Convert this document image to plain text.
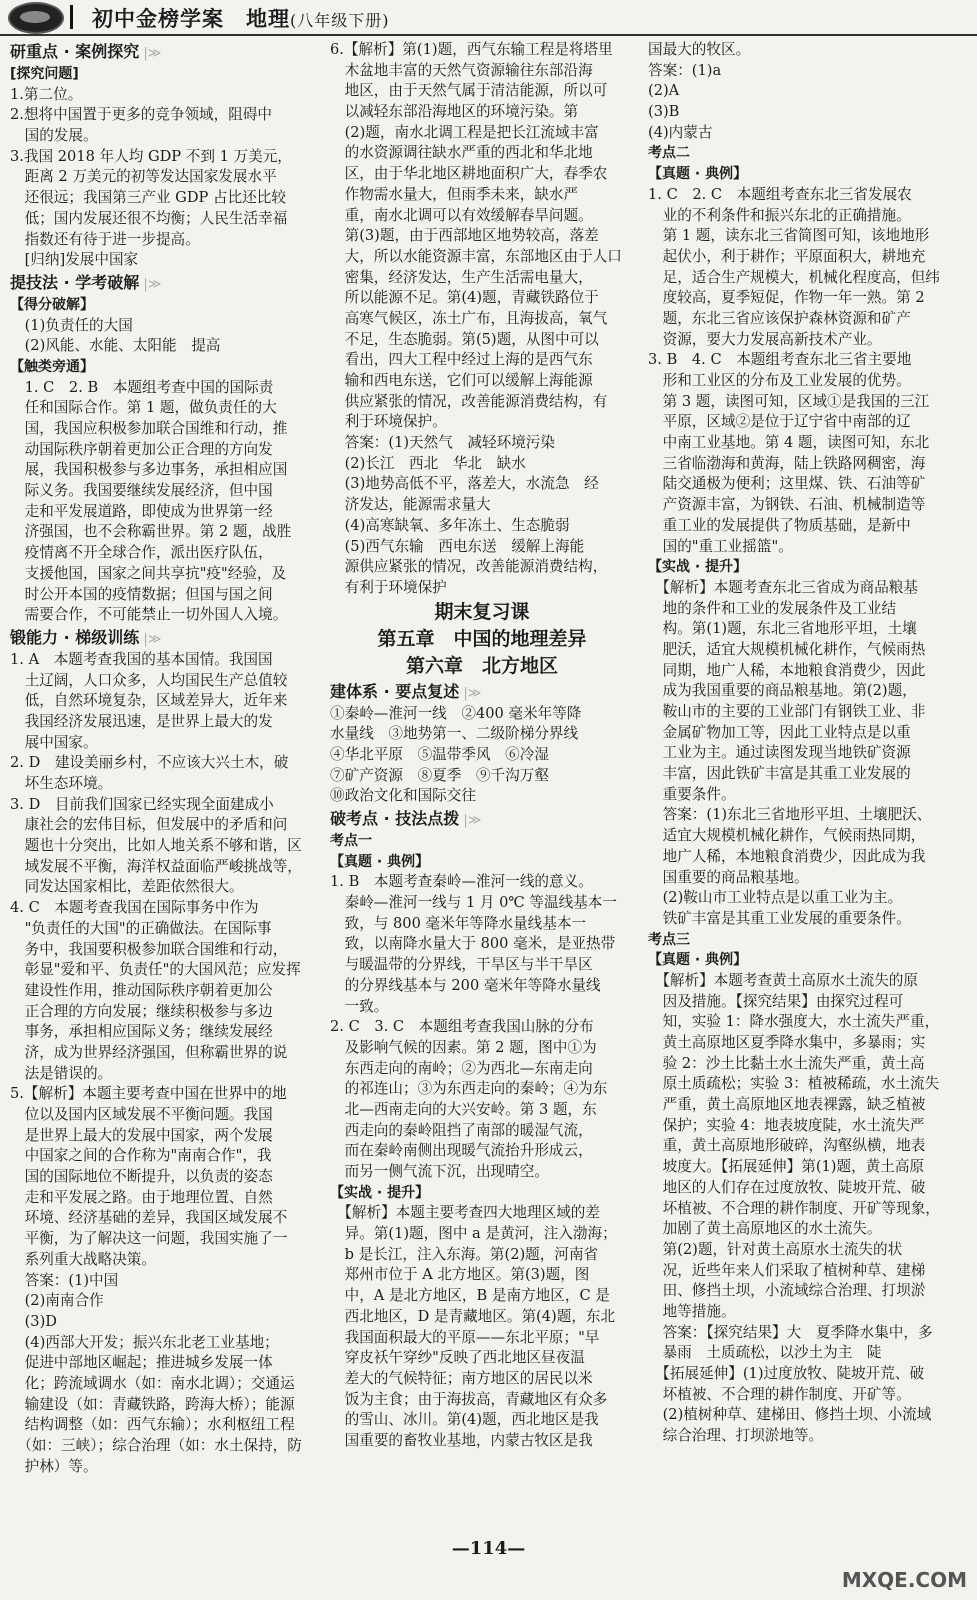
初中金榜学案　地理(八年级下册)
研重点 · 案例探究 |≫
[探究问题]
1.第二位。
2.想将中国置于更多的竞争领域，阻碍中
　国的发展。
3.我国 2018 年人均 GDP 不到 1 万美元，
　距离 2 万美元的初等发达国家发展水平
　还很远；我国第三产业 GDP 占比还比较
　低；国内发展还很不均衡；人民生活幸福
　指数还有待于进一步提高。
　[归纳]发展中国家
提技法 · 学考破解 |≫
【得分破解】
　(1)负责任的大国
　(2)风能、水能、太阳能　提高
【触类旁通】
　1. C　2. B　本题组考查中国的国际责
　任和国际合作。第 1 题，做负责任的大
　国，我国应积极参加联合国维和行动，推
　动国际秩序朝着更加公正合理的方向发
　展，我国积极参与多边事务，承担相应国
　际义务。我国要继续发展经济，但中国
　走和平发展道路，即使成为世界第一经
　济强国，也不会称霸世界。第 2 题，战胜
　疫情离不开全球合作，派出医疗队伍，
　支援他国，国家之间共享抗"疫"经验，及
　时公开本国的疫情数据；但国与国之间
　需要合作，不可能禁止一切外国人入境。
锻能力 · 梯级训练 |≫
1. A　本题考查我国的基本国情。我国国
　土辽阔，人口众多，人均国民生产总值较
　低，自然环境复杂，区域差异大，近年来
　我国经济发展迅速，是世界上最大的发
　展中国家。
2. D　建设美丽乡村，不应该大兴土木，破
　坏生态环境。
3. D　目前我们国家已经实现全面建成小
　康社会的宏伟目标，但发展中的矛盾和问
　题也十分突出，比如人地关系不够和谐，区
　域发展不平衡，海洋权益面临严峻挑战等，
　同发达国家相比，差距依然很大。
4. C　本题考查我国在国际事务中作为
　"负责任的大国"的正确做法。在国际事
　务中，我国要积极参加联合国维和行动，
　彰显"爱和平、负责任"的大国风范；应发挥
　建设性作用，推动国际秩序朝着更加公
　正合理的方向发展；继续积极参与多边
　事务，承担相应国际义务；继续发展经
　济，成为世界经济强国，但称霸世界的说
　法是错误的。
5.【解析】本题主要考查中国在世界中的地
　位以及国内区域发展不平衡问题。我国
　是世界上最大的发展中国家，两个发展
　中国家之间的合作称为"南南合作"，我
　国的国际地位不断提升，以负责的姿态
　走和平发展之路。由于地理位置、自然
　环境、经济基础的差异，我国区域发展不
　平衡，为了解决这一问题，我国实施了一
　系列重大战略决策。
　答案：(1)中国
　(2)南南合作
　(3)D
　(4)西部大开发；振兴东北老工业基地；
　促进中部地区崛起；推进城乡发展一体
　化；跨流域调水（如：南水北调）；交通运
　输建设（如：青藏铁路，跨海大桥）；能源
　结构调整（如：西气东输）；水利枢纽工程
　（如：三峡）；综合治理（如：水土保持，防
　护林）等。
6.【解析】第(1)题，西气东输工程是将塔里
　木盆地丰富的天然气资源输往东部沿海
　地区，由于天然气属于清洁能源，所以可
　以减轻东部沿海地区的环境污染。第
　(2)题，南水北调工程是把长江流域丰富
　的水资源调往缺水严重的西北和华北地
　区，由于华北地区耕地面积广大，春季农
　作物需水量大，但雨季未来，缺水严
　重，南水北调可以有效缓解春旱问题。
　第(3)题，由于西部地区地势较高，落差
　大，所以水能资源丰富，东部地区由于人口
　密集，经济发达，生产生活需电量大，
　所以能源不足。第(4)题，青藏铁路位于
　高寒气候区，冻土广布，且海拔高，氧气
　不足，生态脆弱。第(5)题，从图中可以
　看出，四大工程中经过上海的是西气东
　输和西电东送，它们可以缓解上海能源
　供应紧张的情况，改善能源消费结构，有
　利于环境保护。
　答案：(1)天然气　减轻环境污染
　(2)长江　西北　华北　缺水
　(3)地势高低不平，落差大，水流急　经
　济发达，能源需求量大
　(4)高寒缺氧、多年冻土、生态脆弱
　(5)西气东输　西电东送　缓解上海能
　源供应紧张的情况，改善能源消费结构，
　有利于环境保护
期末复习课
第五章　中国的地理差异
第六章　北方地区
建体系 · 要点复述 |≫
①秦岭—淮河一线　②400 毫米年等降
水量线　③地势第一、二级阶梯分界线
④华北平原　⑤温带季风　⑥冷湿
⑦矿产资源　⑧夏季　⑨千沟万壑
⑩政治文化和国际交往
破考点 · 技法点拨 |≫
考点一
【真题 · 典例】
1. B　本题考查秦岭—淮河一线的意义。
　秦岭—淮河一线与 1 月 0℃ 等温线基本一
　致，与 800 毫米年等降水量线基本一
　致，以南降水量大于 800 毫米，是亚热带
　与暖温带的分界线，干旱区与半干旱区
　的分界线基本与 200 毫米年等降水量线
　一致。
2. C　3. C　本题组考查我国山脉的分布
　及影响气候的因素。第 2 题，图中①为
　东西走向的南岭；②为西北—东南走向
　的祁连山；③为东西走向的秦岭；④为东
　北—西南走向的大兴安岭。第 3 题，东
　西走向的秦岭阻挡了南部的暖湿气流，
　而在秦岭南侧出现暖气流抬升形成云，
　而另一侧气流下沉，出现晴空。
【实战 · 提升】
　【解析】本题主要考查四大地理区域的差
　异。第(1)题，图中 a 是黄河，注入渤海；
　b 是长江，注入东海。第(2)题，河南省
　郑州市位于 A 北方地区。第(3)题，图
　中，A 是北方地区，B 是南方地区，C 是
　西北地区，D 是青藏地区。第(4)题，东北
　我国面积最大的平原——东北平原；"早
　穿皮袄午穿纱"反映了西北地区昼夜温
　差大的气候特征；南方地区的居民以米
　饭为主食；由于海拔高，青藏地区有众多
　的雪山、冰川。第(4)题，西北地区是我
　国重要的畜牧业基地，内蒙古牧区是我
国最大的牧区。
答案：(1)a
(2)A
(3)B
(4)内蒙古
考点二
【真题 · 典例】
1. C　2. C　本题组考查东北三省发展农
　业的不利条件和振兴东北的正确措施。
　第 1 题，读东北三省简图可知，该地地形
　起伏小，利于耕作；平原面积大，耕地充
　足，适合生产规模大，机械化程度高，但纬
　度较高，夏季短促，作物一年一熟。第 2
　题，东北三省应该保护森林资源和矿产
　资源，要大力发展高新技术产业。
3. B　4. C　本题组考查东北三省主要地
　形和工业区的分布及工业发展的优势。
　第 3 题，读图可知，区域①是我国的三江
　平原，区域②是位于辽宁省中南部的辽
　中南工业基地。第 4 题，读图可知，东北
　三省临渤海和黄海，陆上铁路网稠密，海
　陆交通极为便利；这里煤、铁、石油等矿
　产资源丰富，为钢铁、石油、机械制造等
　重工业的发展提供了物质基础，是新中
　国的"重工业摇篮"。
【实战 · 提升】
　【解析】本题考查东北三省成为商品粮基
　地的条件和工业的发展条件及工业结
　构。第(1)题，东北三省地形平坦，土壤
　肥沃，适宜大规模机械化耕作，气候雨热
　同期，地广人稀，本地粮食消费少，因此
　成为我国重要的商品粮基地。第(2)题，
　鞍山市的主要的工业部门有钢铁工业、非
　金属矿物加工等，因此工业特点是以重
　工业为主。通过读图发现当地铁矿资源
　丰富，因此铁矿丰富是其重工业发展的
　重要条件。
　答案：(1)东北三省地形平坦、土壤肥沃、
　适宜大规模机械化耕作，气候雨热同期，
　地广人稀，本地粮食消费少，因此成为我
　国重要的商品粮基地。
　(2)鞍山市工业特点是以重工业为主。
　铁矿丰富是其重工业发展的重要条件。
考点三
【真题 · 典例】
　【解析】本题考查黄土高原水土流失的原
　因及措施。【探究结果】由探究过程可
　知，实验 1：降水强度大，水土流失严重，
　黄土高原地区夏季降水集中，多暴雨；实
　验 2：沙土比黏土水土流失严重，黄土高
　原土质疏松；实验 3：植被稀疏，水土流失
　严重，黄土高原地区地表裸露，缺乏植被
　保护；实验 4：地表坡度陡，水土流失严
　重，黄土高原地形破碎，沟壑纵横，地表
　坡度大。【拓展延伸】第(1)题，黄土高原
　地区的人们存在过度放牧、陡坡开荒、破
　坏植被、不合理的耕作制度、开矿等现象，
　加剧了黄土高原地区的水土流失。
　第(2)题，针对黄土高原水土流失的状
　况，近些年来人们采取了植树种草、建梯
　田、修挡土坝，小流域综合治理、打坝淤
　地等措施。
　答案：【探究结果】大　夏季降水集中，多
　暴雨　土质疏松，以沙土为主　陡
　【拓展延伸】(1)过度放牧、陡坡开荒、破
　坏植被、不合理的耕作制度、开矿等。
　(2)植树种草、建梯田、修挡土坝、小流域
　综合治理、打坝淤地等。
—114—
MXQE.COM
